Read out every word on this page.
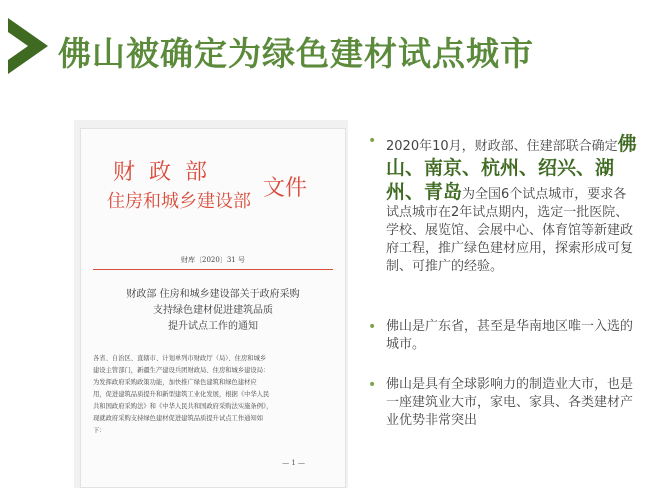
佛山被确定为绿色建材试点城市
财政部
住房和城乡建设部
文件
财库〔2020〕31 号
财政部 住房和城乡建设部关于政府采购
支持绿色建材促进建筑品质
提升试点工作的通知

各省、自治区、直辖市、计划单列市财政厅（局）、住房和城乡

建设主管部门，新疆生产建设兵团财政局、住房和城乡建设局：

为发挥政府采购政策功能，加快推广绿色建筑和绿色建材应

用，促进建筑品质提升和新型建筑工业化发展，根据《中华人民

共和国政府采购法》和《中华人民共和国政府采购法实施条例》，

现就政府采购支持绿色建材促进建筑品质提升试点工作通知如

下：

— 1 —
• 2020年10月，财政部、住建部联合确定佛山、南京、杭州、绍兴、湖州、青岛为全国6个试点城市，要求各试点城市在2年试点期内，选定一批医院、学校、展览馆、会展中心、体育馆等新建政府工程，推广绿色建材应用，探索形成可复制、可推广的经验。
• 佛山是广东省，甚至是华南地区唯一入选的城市。
• 佛山是具有全球影响力的制造业大市，也是一座建筑业大市，家电、家具、各类建材产业优势非常突出
